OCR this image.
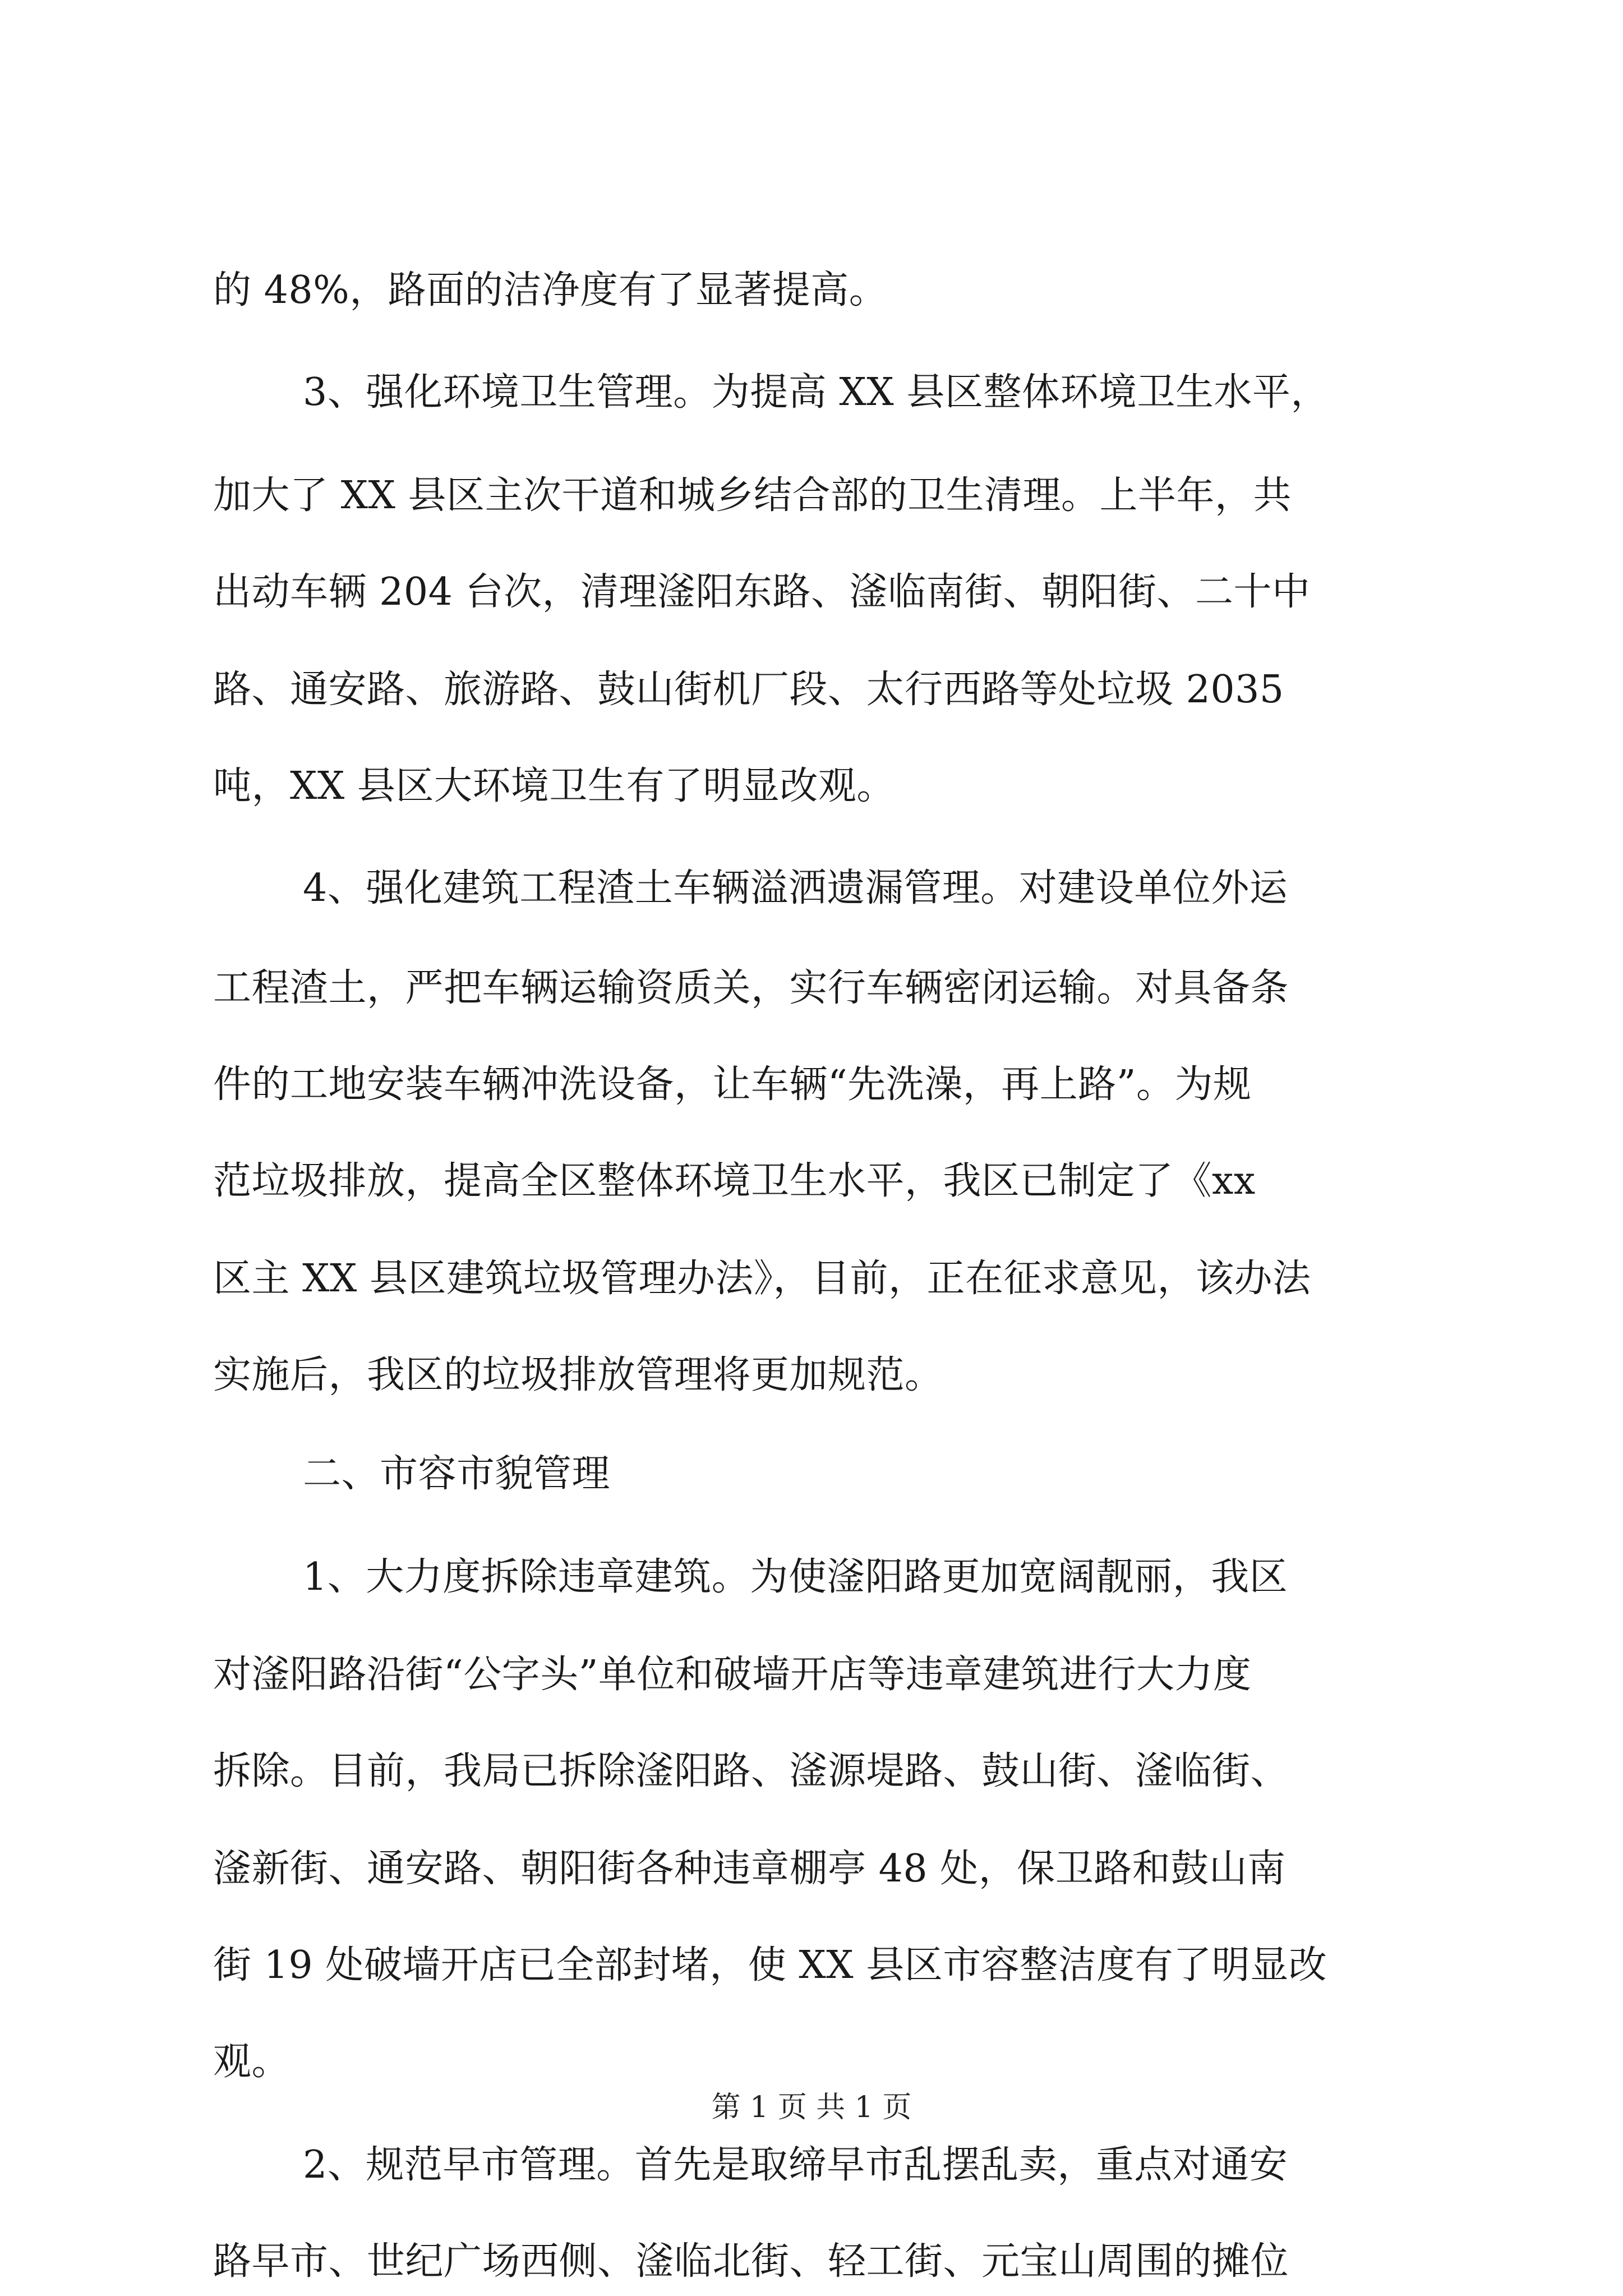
的 48%，路面的洁净度有了显著提高。
3、强化环境卫生管理。为提高 XX 县区整体环境卫生水平，
加大了 XX 县区主次干道和城乡结合部的卫生清理。上半年，共
出动车辆 204 台次，清理滏阳东路、滏临南街、朝阳街、二十中
路、通安路、旅游路、鼓山街机厂段、太行西路等处垃圾 2035
吨，XX 县区大环境卫生有了明显改观。
4、强化建筑工程渣土车辆溢洒遗漏管理。对建设单位外运
工程渣土，严把车辆运输资质关，实行车辆密闭运输。对具备条
件的工地安装车辆冲洗设备，让车辆“先洗澡，再上路”。为规
范垃圾排放，提高全区整体环境卫生水平，我区已制定了《xx
区主 XX 县区建筑垃圾管理办法》，目前，正在征求意见，该办法
实施后，我区的垃圾排放管理将更加规范。
二、市容市貌管理
1、大力度拆除违章建筑。为使滏阳路更加宽阔靓丽，我区
对滏阳路沿街“公字头”单位和破墙开店等违章建筑进行大力度
拆除。目前，我局已拆除滏阳路、滏源堤路、鼓山街、滏临街、
滏新街、通安路、朝阳街各种违章棚亭 48 处，保卫路和鼓山南
街 19 处破墙开店已全部封堵，使 XX 县区市容整洁度有了明显改
观。
2、规范早市管理。首先是取缔早市乱摆乱卖，重点对通安
路早市、世纪广场西侧、滏临北街、轻工街、元宝山周围的摊位
第 1 页 共 1 页
